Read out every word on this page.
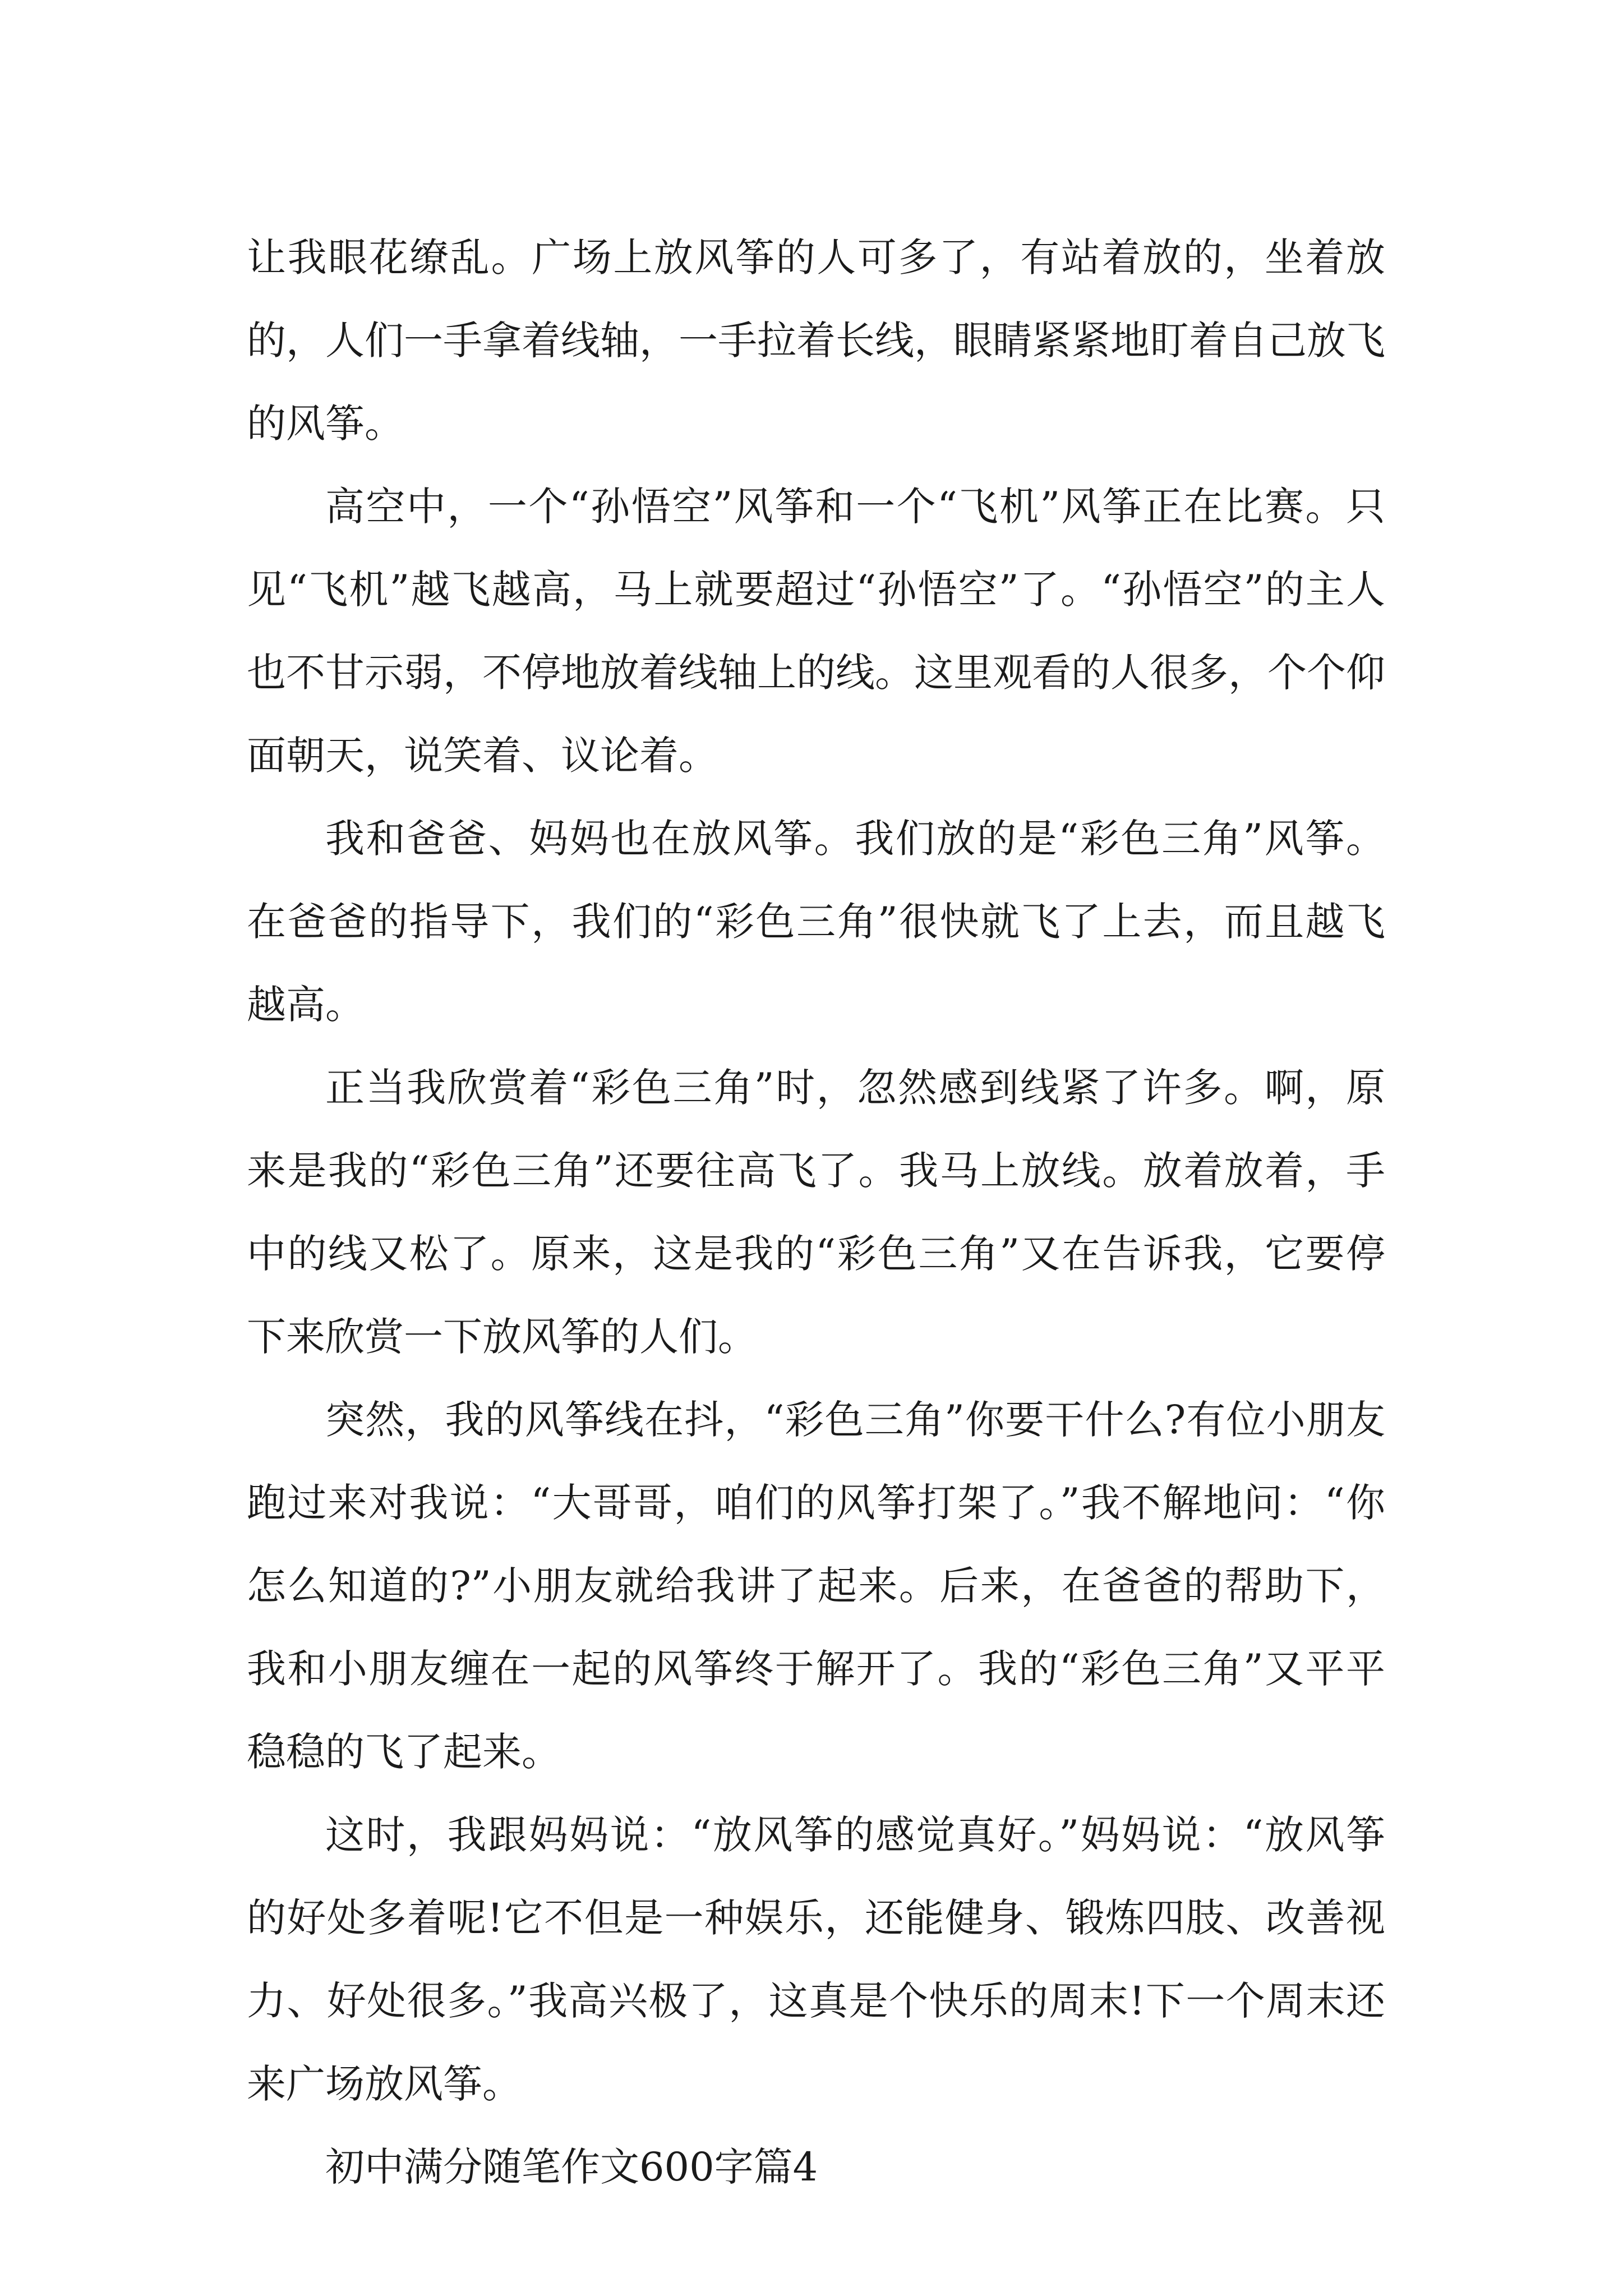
让我眼花缭乱。广场上放风筝的人可多了，有站着放的，坐着放的，人们一手拿着线轴，一手拉着长线，眼睛紧紧地盯着自己放飞的风筝。

高空中，一个“孙悟空”风筝和一个“飞机”风筝正在比赛。只见“飞机”越飞越高，马上就要超过“孙悟空”了。“孙悟空”的主人也不甘示弱，不停地放着线轴上的线。这里观看的人很多，个个仰面朝天，说笑着、议论着。

我和爸爸、妈妈也在放风筝。我们放的是“彩色三角”风筝。在爸爸的指导下，我们的“彩色三角”很快就飞了上去，而且越飞越高。

正当我欣赏着“彩色三角”时，忽然感到线紧了许多。啊，原来是我的“彩色三角”还要往高飞了。我马上放线。放着放着，手中的线又松了。原来，这是我的“彩色三角”又在告诉我，它要停下来欣赏一下放风筝的人们。

突然，我的风筝线在抖，“彩色三角”你要干什么?有位小朋友跑过来对我说：“大哥哥，咱们的风筝打架了。”我不解地问：“你怎么知道的?”小朋友就给我讲了起来。后来，在爸爸的帮助下，我和小朋友缠在一起的风筝终于解开了。我的“彩色三角”又平平稳稳的飞了起来。

这时，我跟妈妈说：“放风筝的感觉真好。”妈妈说：“放风筝的好处多着呢!它不但是一种娱乐，还能健身、锻炼四肢、改善视力、好处很多。”我高兴极了，这真是个快乐的周末!下一个周末还来广场放风筝。

初中满分随笔作文600字篇4
